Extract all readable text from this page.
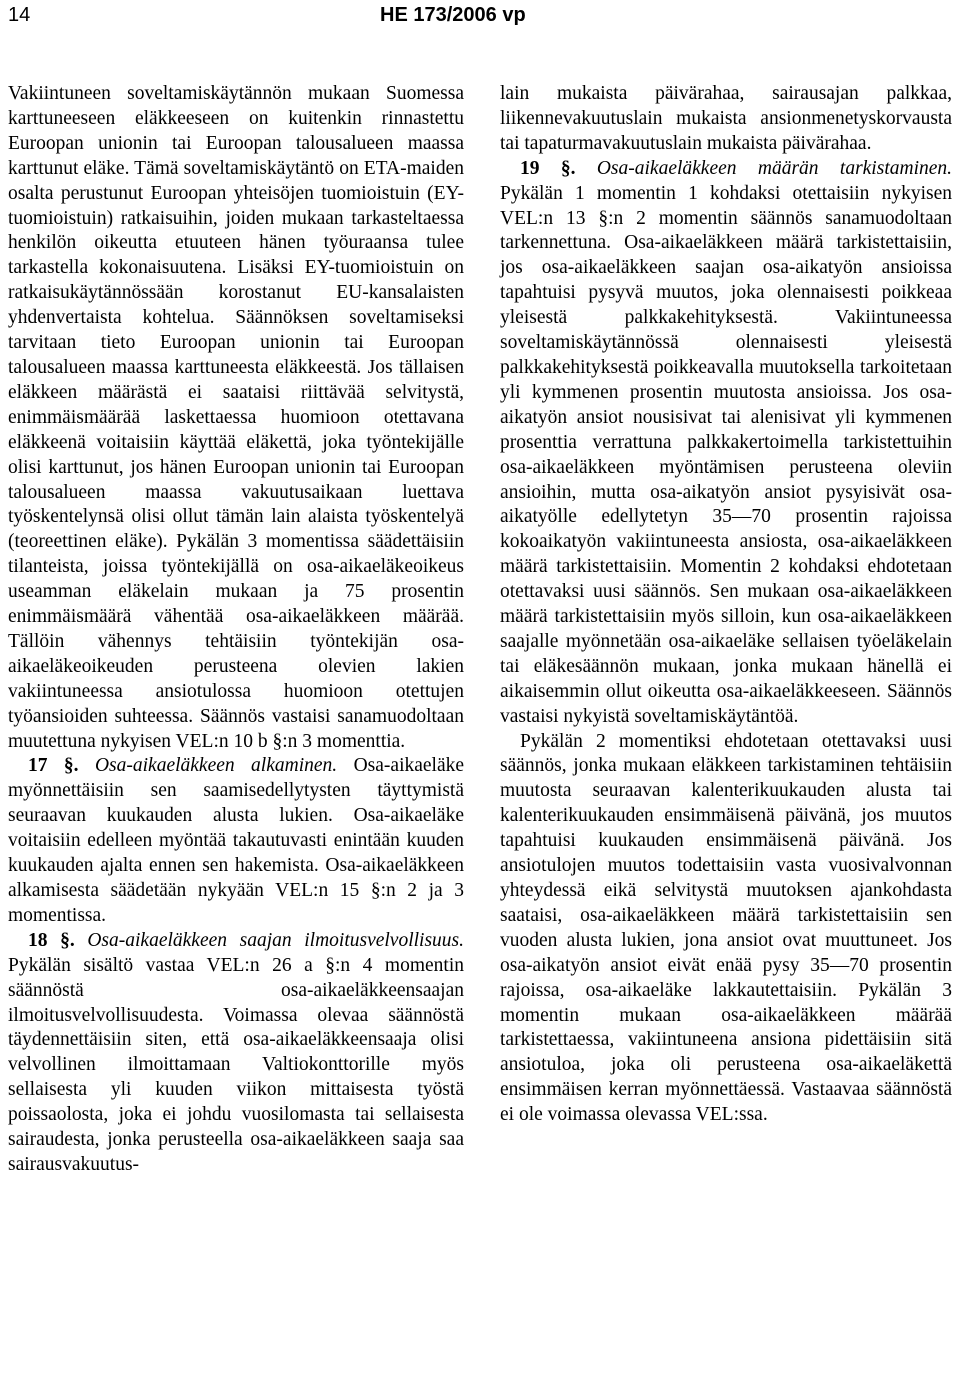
14	HE 173/2006 vp

Vakiintuneen soveltamiskäytännön mukaan Suomessa karttuneeseen eläkkeeseen on kuitenkin rinnastettu Euroopan unionin tai Euroopan talousalueen maassa karttunut eläke. Tämä soveltamiskäytäntö on ETA-maiden osalta perustunut Euroopan yhteisöjen tuomioistuin (EY-tuomioistuin) ratkaisuihin, joiden mukaan tarkasteltaessa henkilön oikeutta etuuteen hänen työuraansa tulee tarkastella kokonaisuutena. Lisäksi EY-tuomioistuin on ratkaisukäytännössään korostanut EU-kansalaisten yhdenvertaista kohtelua. Säännöksen soveltamiseksi tarvitaan tieto Euroopan unionin tai Euroopan talousalueen maassa karttuneesta eläkkeestä. Jos tällaisen eläkkeen määrästä ei saataisi riittävää selvitystä, enimmäismäärää laskettaessa huomioon otettavana eläkkeenä voitaisiin käyttää eläkettä, joka työntekijälle olisi karttunut, jos hänen Euroopan unionin tai Euroopan talousalueen maassa vakuutusaikaan luettava työskentelynsä olisi ollut tämän lain alaista työskentelyä (teoreettinen eläke). Pykälän 3 momentissa säädettäisiin tilanteista, joissa työntekijällä on osa-aikaeläkeoikeus useamman eläkelain mukaan ja 75 prosentin enimmäismäärä vähentää osa-aikaeläkkeen määrää. Tällöin vähennys tehtäisiin työntekijän osa-aikaeläkeoikeuden perusteena olevien lakien vakiintuneessa ansiotulossa huomioon otettujen työansioiden suhteessa. Säännös vastaisi sanamuodoltaan muutettuna nykyisen VEL:n 10 b §:n 3 momenttia.

17 §. Osa-aikaeläkkeen alkaminen. Osa-aikaeläke myönnettäisiin sen saamisedellytysten täyttymistä seuraavan kuukauden alusta lukien. Osa-aikaeläke voitaisiin edelleen myöntää takautuvasti enintään kuuden kuukauden ajalta ennen sen hakemista. Osa-aikaeläkkeen alkamisesta säädetään nykyään VEL:n 15 §:n 2 ja 3 momentissa.

18 §. Osa-aikaeläkkeen saajan ilmoitusvelvollisuus. Pykälän sisältö vastaa VEL:n 26 a §:n 4 momentin säännöstä osa-aikaeläkkeensaajan ilmoitusvelvollisuudesta. Voimassa olevaa säännöstä täydennettäisiin siten, että osa-aikaeläkkeensaaja olisi velvollinen ilmoittamaan Valtiokonttorille myös sellaisesta yli kuuden viikon mittaisesta työstä poissaolosta, joka ei johdu vuosilomasta tai sellaisesta sairaudesta, jonka perusteella osa-aikaeläkkeen saaja saa sairausvakuutus-

lain mukaista päivärahaa, sairausajan palkkaa, liikennevakuutuslain mukaista ansionmenetyskorvausta tai tapaturmavakuutuslain mukaista päivärahaa.

19 §. Osa-aikaeläkkeen määrän tarkistaminen. Pykälän 1 momentin 1 kohdaksi otettaisiin nykyisen VEL:n 13 §:n 2 momentin säännös sanamuodoltaan tarkennettuna. Osa-aikaeläkkeen määrä tarkistettaisiin, jos osa-aikaeläkkeen saajan osa-aikatyön ansioissa tapahtuisi pysyvä muutos, joka olennaisesti poikkeaa yleisestä palkkakehityksestä. Vakiintuneessa soveltamiskäytännössä olennaisesti yleisestä palkkakehityksestä poikkeavalla muutoksella tarkoitetaan yli kymmenen prosentin muutosta ansioissa. Jos osa-aikatyön ansiot nousisivat tai alenisivat yli kymmenen prosenttia verrattuna palkkakertoimella tarkistettuihin osa-aikaeläkkeen myöntämisen perusteena oleviin ansioihin, mutta osa-aikatyön ansiot pysyisivät osa-aikatyölle edellytetyn 35—70 prosentin rajoissa kokoaikatyön vakiintuneesta ansiosta, osa-aikaeläkkeen määrä tarkistettaisiin. Momentin 2 kohdaksi ehdotetaan otettavaksi uusi säännös. Sen mukaan osa-aikaeläkkeen määrä tarkistettaisiin myös silloin, kun osa-aikaeläkkeen saajalle myönnetään osa-aikaeläke sellaisen työeläkelain tai eläkesäännön mukaan, jonka mukaan hänellä ei aikaisemmin ollut oikeutta osa-aikaeläkkeeseen. Säännös vastaisi nykyistä soveltamiskäytäntöä.

Pykälän 2 momentiksi ehdotetaan otettavaksi uusi säännös, jonka mukaan eläkkeen tarkistaminen tehtäisiin muutosta seuraavan kalenterikuukauden alusta tai kalenterikuukauden ensimmäisenä päivänä, jos muutos tapahtuisi kuukauden ensimmäisenä päivänä. Jos ansiotulojen muutos todettaisiin vasta vuosivalvonnan yhteydessä eikä selvitystä muutoksen ajankohdasta saataisi, osa-aikaeläkkeen määrä tarkistettaisiin sen vuoden alusta lukien, jona ansiot ovat muuttuneet. Jos osa-aikatyön ansiot eivät enää pysy 35—70 prosentin rajoissa, osa-aikaeläke lakkautettaisiin. Pykälän 3 momentin mukaan osa-aikaeläkkeen määrää tarkistettaessa, vakiintuneena ansiona pidettäisiin sitä ansiotuloa, joka oli perusteena osa-aikaeläkettä ensimmäisen kerran myönnettäessä. Vastaavaa säännöstä ei ole voimassa olevassa VEL:ssa.
